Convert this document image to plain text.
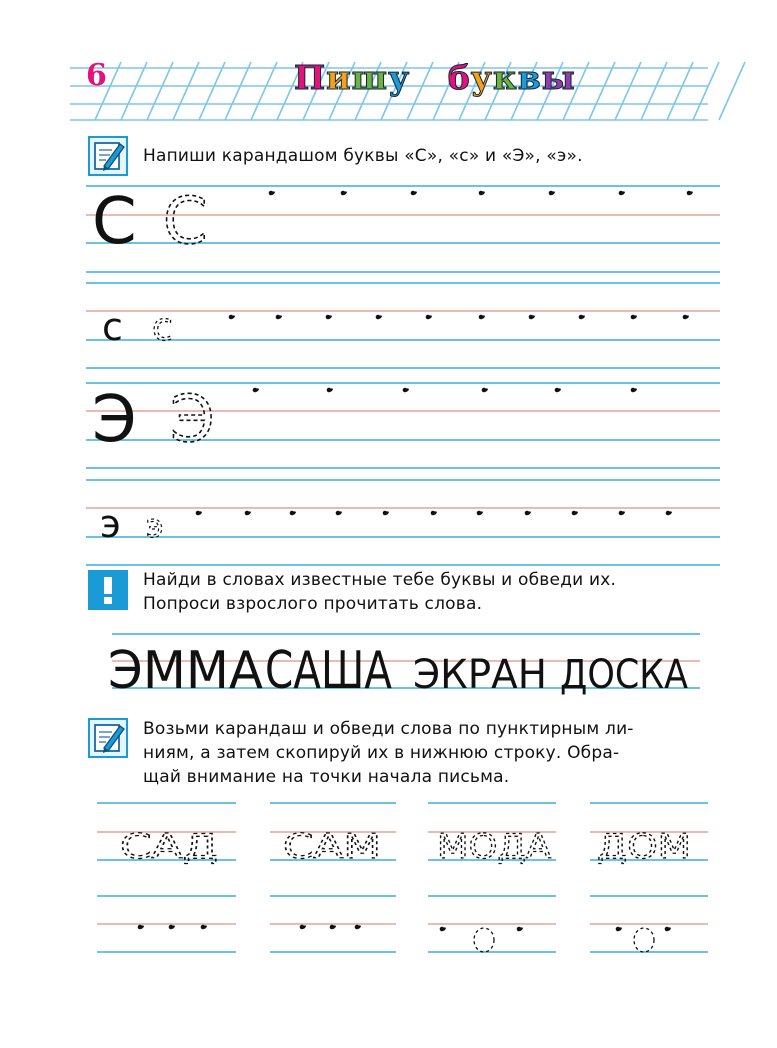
6	Пишу буквы
Напиши карандашом буквы «С», «с» и «Э», «э».
Найди в словах известные тебе буквы и обведи их.
Попроси взрослого прочитать слова.
Возьми карандаш и обведи слова по пунктирным ли-
ниям, а затем скопируй их в нижнюю строку. Обра-
щай внимание на точки начала письма.
С С
с с
Э Э
э э
ЭММА САША ЭКРАН ДОСКА
САД САМ МОДА ДОМ
